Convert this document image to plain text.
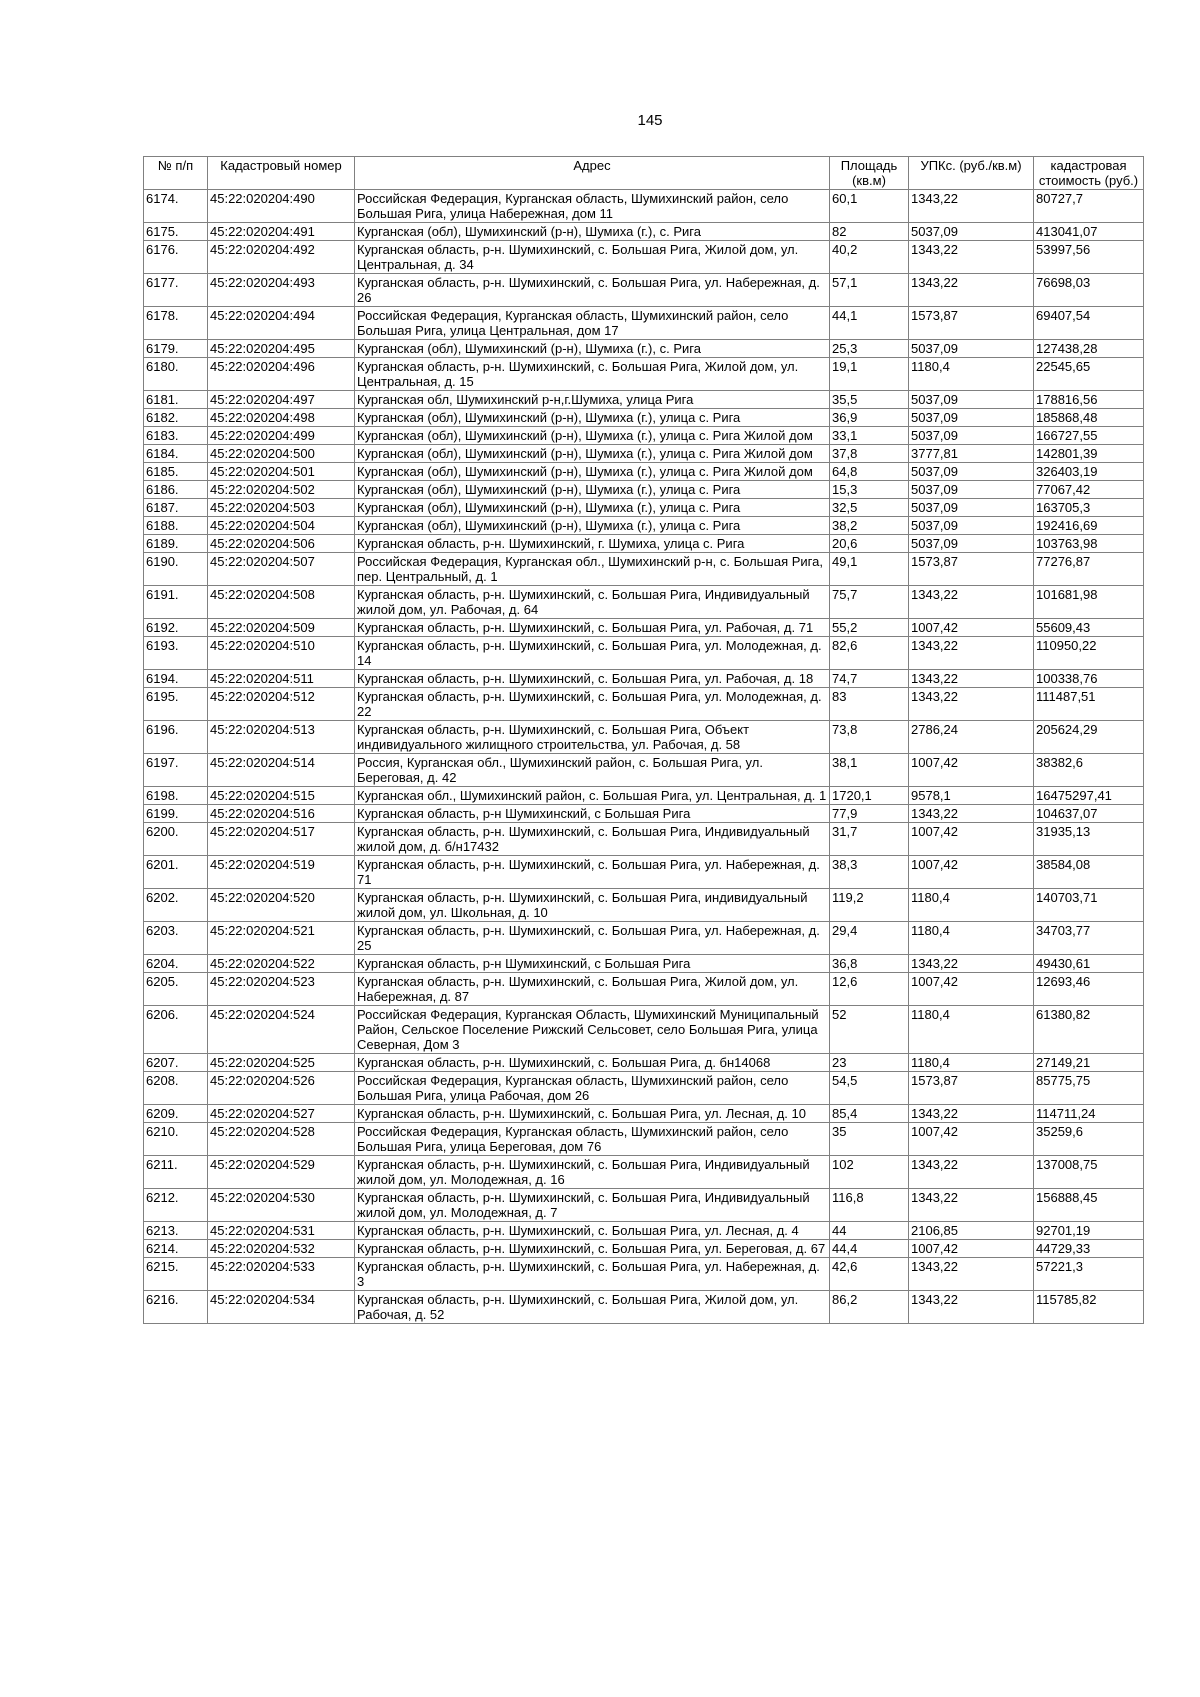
145
№ п/п	Кадастровый номер	Адрес	Площадь (кв.м)	УПКс. (руб./кв.м)	кадастровая стоимость (руб.)
6174.	45:22:020204:490	Российская Федерация, Курганская область, Шумихинский район, село Большая Рига, улица Набережная, дом 11	60,1	1343,22	80727,7
6175.	45:22:020204:491	Курганская (обл), Шумихинский (р-н), Шумиха (г.), с. Рига	82	5037,09	413041,07
6176.	45:22:020204:492	Курганская область, р-н. Шумихинский, с. Большая Рига, Жилой дом, ул. Центральная, д. 34	40,2	1343,22	53997,56
6177.	45:22:020204:493	Курганская область, р-н. Шумихинский, с. Большая Рига, ул. Набережная, д. 26	57,1	1343,22	76698,03
6178.	45:22:020204:494	Российская Федерация, Курганская область, Шумихинский район, село Большая Рига, улица Центральная, дом 17	44,1	1573,87	69407,54
6179.	45:22:020204:495	Курганская (обл), Шумихинский (р-н), Шумиха (г.), с. Рига	25,3	5037,09	127438,28
6180.	45:22:020204:496	Курганская область, р-н. Шумихинский, с. Большая Рига, Жилой дом, ул. Центральная, д. 15	19,1	1180,4	22545,65
6181.	45:22:020204:497	Курганская обл, Шумихинский р-н,г.Шумиха, улица Рига	35,5	5037,09	178816,56
6182.	45:22:020204:498	Курганская (обл), Шумихинский (р-н), Шумиха (г.), улица с. Рига	36,9	5037,09	185868,48
6183.	45:22:020204:499	Курганская (обл), Шумихинский (р-н), Шумиха (г.), улица с. Рига Жилой дом	33,1	5037,09	166727,55
6184.	45:22:020204:500	Курганская (обл), Шумихинский (р-н), Шумиха (г.), улица с. Рига Жилой дом	37,8	3777,81	142801,39
6185.	45:22:020204:501	Курганская (обл), Шумихинский (р-н), Шумиха (г.), улица с. Рига Жилой дом	64,8	5037,09	326403,19
6186.	45:22:020204:502	Курганская (обл), Шумихинский (р-н), Шумиха (г.), улица с. Рига	15,3	5037,09	77067,42
6187.	45:22:020204:503	Курганская (обл), Шумихинский (р-н), Шумиха (г.), улица с. Рига	32,5	5037,09	163705,3
6188.	45:22:020204:504	Курганская (обл), Шумихинский (р-н), Шумиха (г.), улица с. Рига	38,2	5037,09	192416,69
6189.	45:22:020204:506	Курганская область, р-н. Шумихинский, г. Шумиха, улица с. Рига	20,6	5037,09	103763,98
6190.	45:22:020204:507	Российская Федерация, Курганская обл., Шумихинский р-н, с. Большая Рига, пер. Центральный, д. 1	49,1	1573,87	77276,87
6191.	45:22:020204:508	Курганская область, р-н. Шумихинский, с. Большая Рига, Индивидуальный жилой дом, ул. Рабочая, д. 64	75,7	1343,22	101681,98
6192.	45:22:020204:509	Курганская область, р-н. Шумихинский, с. Большая Рига, ул. Рабочая, д. 71	55,2	1007,42	55609,43
6193.	45:22:020204:510	Курганская область, р-н. Шумихинский, с. Большая Рига, ул. Молодежная, д. 14	82,6	1343,22	110950,22
6194.	45:22:020204:511	Курганская область, р-н. Шумихинский, с. Большая Рига, ул. Рабочая, д. 18	74,7	1343,22	100338,76
6195.	45:22:020204:512	Курганская область, р-н. Шумихинский, с. Большая Рига, ул. Молодежная, д. 22	83	1343,22	111487,51
6196.	45:22:020204:513	Курганская область, р-н. Шумихинский, с. Большая Рига, Объект индивидуального жилищного строительства, ул. Рабочая, д. 58	73,8	2786,24	205624,29
6197.	45:22:020204:514	Россия, Курганская обл., Шумихинский район, с. Большая Рига, ул. Береговая, д. 42	38,1	1007,42	38382,6
6198.	45:22:020204:515	Курганская обл., Шумихинский район, с. Большая Рига, ул. Центральная, д. 1	1720,1	9578,1	16475297,41
6199.	45:22:020204:516	Курганская область, р-н Шумихинский, с Большая Рига	77,9	1343,22	104637,07
6200.	45:22:020204:517	Курганская область, р-н. Шумихинский, с. Большая Рига, Индивидуальный жилой дом, д. б/н17432	31,7	1007,42	31935,13
6201.	45:22:020204:519	Курганская область, р-н. Шумихинский, с. Большая Рига, ул. Набережная, д. 71	38,3	1007,42	38584,08
6202.	45:22:020204:520	Курганская область, р-н. Шумихинский, с. Большая Рига, индивидуальный жилой дом, ул. Школьная, д. 10	119,2	1180,4	140703,71
6203.	45:22:020204:521	Курганская область, р-н. Шумихинский, с. Большая Рига, ул. Набережная, д. 25	29,4	1180,4	34703,77
6204.	45:22:020204:522	Курганская область, р-н Шумихинский, с Большая Рига	36,8	1343,22	49430,61
6205.	45:22:020204:523	Курганская область, р-н. Шумихинский, с. Большая Рига, Жилой дом, ул. Набережная, д. 87	12,6	1007,42	12693,46
6206.	45:22:020204:524	Российская Федерация, Курганская Область, Шумихинский Муниципальный Район, Сельское Поселение Рижский Сельсовет, село Большая Рига, улица Северная, Дом 3	52	1180,4	61380,82
6207.	45:22:020204:525	Курганская область, р-н. Шумихинский, с. Большая Рига, д. бн14068	23	1180,4	27149,21
6208.	45:22:020204:526	Российская Федерация, Курганская область, Шумихинский район, село Большая Рига, улица Рабочая, дом 26	54,5	1573,87	85775,75
6209.	45:22:020204:527	Курганская область, р-н. Шумихинский, с. Большая Рига, ул. Лесная, д. 10	85,4	1343,22	114711,24
6210.	45:22:020204:528	Российская Федерация, Курганская область, Шумихинский район, село Большая Рига, улица Береговая, дом 76	35	1007,42	35259,6
6211.	45:22:020204:529	Курганская область, р-н. Шумихинский, с. Большая Рига, Индивидуальный жилой дом, ул. Молодежная, д. 16	102	1343,22	137008,75
6212.	45:22:020204:530	Курганская область, р-н. Шумихинский, с. Большая Рига, Индивидуальный жилой дом, ул. Молодежная, д. 7	116,8	1343,22	156888,45
6213.	45:22:020204:531	Курганская область, р-н. Шумихинский, с. Большая Рига, ул. Лесная, д. 4	44	2106,85	92701,19
6214.	45:22:020204:532	Курганская область, р-н. Шумихинский, с. Большая Рига, ул. Береговая, д. 67	44,4	1007,42	44729,33
6215.	45:22:020204:533	Курганская область, р-н. Шумихинский, с. Большая Рига, ул. Набережная, д. 3	42,6	1343,22	57221,3
6216.	45:22:020204:534	Курганская область, р-н. Шумихинский, с. Большая Рига, Жилой дом, ул. Рабочая, д. 52	86,2	1343,22	115785,82
